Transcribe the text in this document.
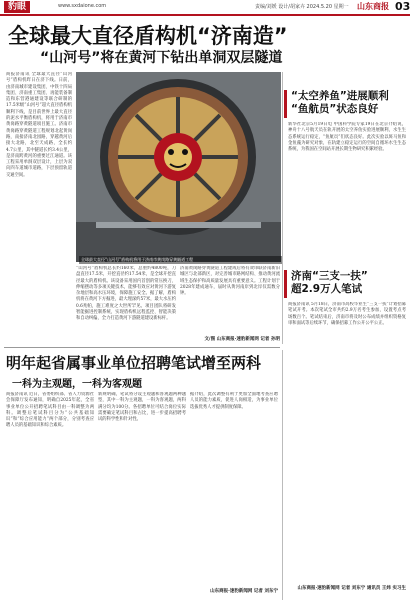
豹眼	www.sxdaione.com	责编/刘媛 设计/胡家卉 2024.5.20 星期一 山东商报 03
全球最大直径盾构机“济南造”
“山河号”将在黄河下钻出单洞双层隧道
商报济南讯 全球最大直径“山河号”盾构机昨日在济下线。日前，由济南城市建设集团、中铁十四局集团、济南重工集团、再能装备制造和东营港通建设等联合研制的17.5米级“山河号”超大直径盾构机顺利下线，是目前世界上最大直径的泥水平衡盾构机，将用于济南市黄岗路穿黄隧道项目施工。济南市黄岗路穿黄隧道工程规划北起黄岗路，南接济南北园路，穿越黄河后接大北路，北至天成路，全长约4.7公里，其中隧道长约3.4公里，是济南跨黄河的重要过江通道。该工程采用单洞双层设计，上层为双向四车道城市道路，下层预留轨道交通空间。
全球最大直径“山河号”盾构机将用于济南市黄岗路穿黄隧道工程
“山河号”盾构机总长约160米，总重约4800吨，刀盘直径17.5米，开挖直径约17.54米，是全球开挖直径最大的盾构机。该设备采用国内首创的常压换刀、伸缩摆动等多项关键技术，能够有效应对黄河下游复杂地层和高水压环境，保障施工安全。据了解，盾构机将在黄河下方掘进，最大埋深约57米，最大水压约0.6兆帕，施工难度之大世所罕见。项目团队将研发智能掘进控制系统，实现盾构机远程监控、智能决策和自动纠偏，全力打造黄河下游隧道建设新标杆。
济南黄岗路穿黄隧道工程建成后将有效串联济南新旧城区与北部新区，对完善城市路网结构、推动黄河流域生态保护和高质量发展具有重要意义。工程计划于2028年建成通车，届时从黄河南岸到北岸仅需数分钟。
文/图 山东商报·速豹新闻网 记者 孙明
“太空养鱼”进展顺利
“鱼航员”状态良好
新华社北京5月19日电 中国科学院专家19日在北京介绍说，神舟十八号航天员在轨开展的太空养鱼实验进展顺利，水生生态系统运行稳定，“鱼航员”们状态良好。此次实验以斑马鱼和金鱼藻为研究对象，在轨建立稳定运行的空间自循环水生生态系统，为我国在空间站开展长期生物研究积累经验。
济南“三支一扶”
超2.9万人笔试
商报济南讯 5月18日，济南市高校毕业生“三支一扶”计划招募笔试开考。本次笔试全市共约2.9万名考生参加，设置考点考场数百个。笔试结束后，济南市将及时公布成绩并组织资格复审和面试等后续环节，确保招募工作公开公平公正。
山东商报·速豹新闻网 记者 刘东宁 通讯员 王炜 实习生
明年起省属事业单位招聘笔试增至两科
一科为主观题，一科为客观题
商报济南讯 近日，省委组织部、省人力资源社会保障厅发布通知，明确自2025年起，全省事业单位公开招聘笔试科目由一科调整为两科。调整后笔试科目分为“公共基础知识”和“综合应用能力”两个部分，分别考查应聘人员的基础知识和综合素质。
新规明确，笔试将分设主观题和客观题两种题型，其中一科为主观题，一科为客观题，两科满分均为100分。各招聘单位可结合岗位实际需要确定笔试科目和占比，进一步提高招聘考试的科学性和针对性。
据介绍，此次调整有利于更加全面地考查应聘人员的能力素质，促进人岗相适，为事业单位选拔优秀人才提供制度保障。
山东商报·速豹新闻网 记者 刘东宁
